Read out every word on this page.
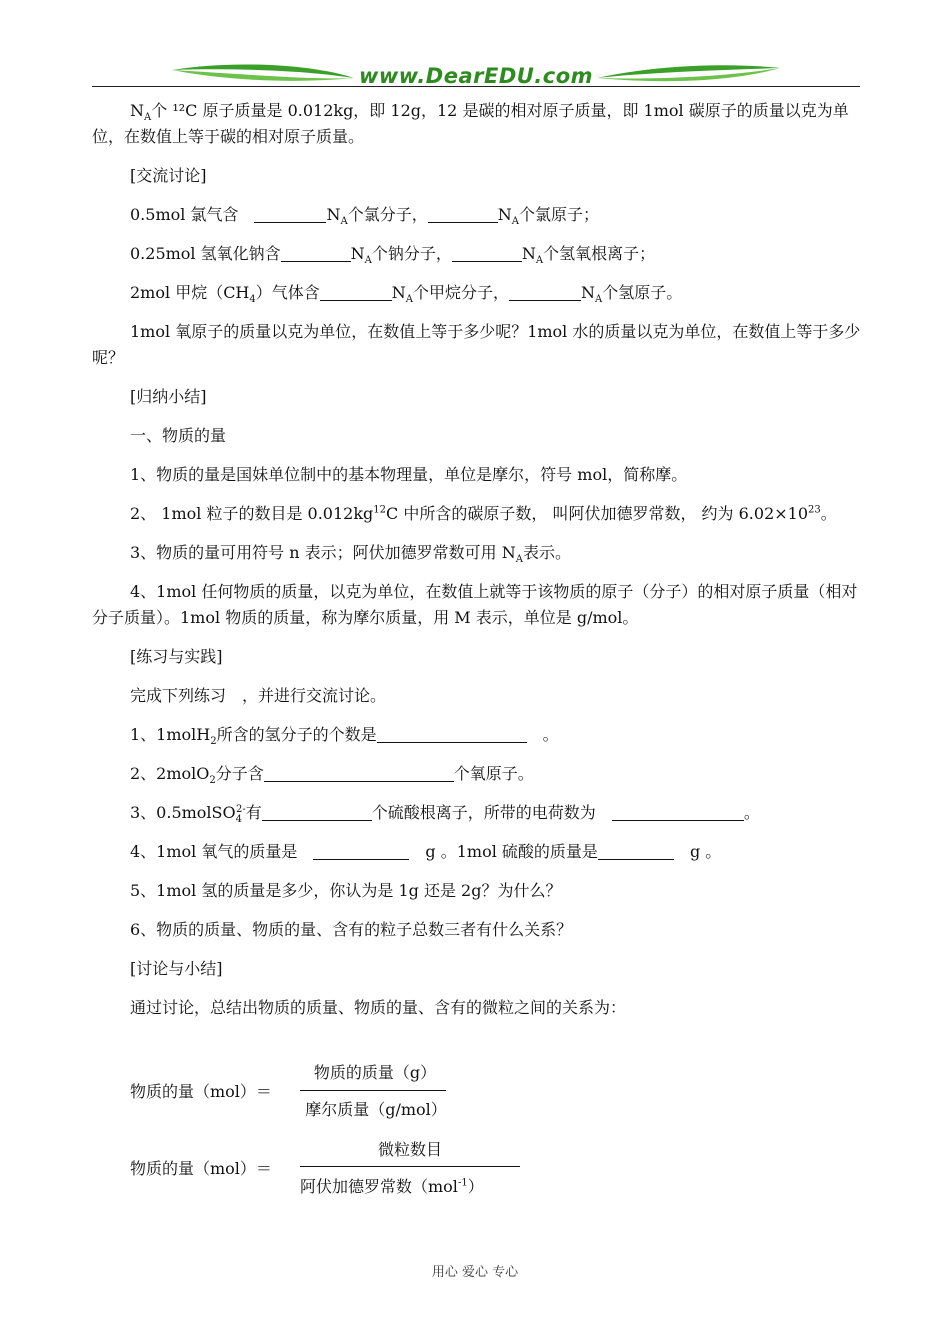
www.DearEDU.com

$N_A$个 ¹²C 原子质量是 0.012kg，即 12g，12 是碳的相对原子质量，即 1mol 碳原子的质量以克为单位，在数值上等于碳的相对原子质量。

[交流讨论]

0.5mol 氯气含　	$N_A$个氯分子，	$N_A$个氯原子；

0.25mol 氢氧化钠含	$N_A$个钠分子，	$N_A$个氢氧根离子；

2mol 甲烷$(CH_4)$气体含	$N_A$个甲烷分子，	$N_A$个氢原子。

1mol 氧原子的质量以克为单位，在数值上等于多少呢？1mol 水的质量以克为单位，在数值上等于多少呢？

[归纳小结]

一、物质的量

1、物质的量是国妹单位制中的基本物理量，单位是摩尔，符号 mol，简称摩。

2、 1mol 粒子的数目是 $0.012kg^{12}C$ 中所含的碳原子数， 叫阿伏加德罗常数， 约为 $6.02\times 10^{23}$。

3、物质的量可用符号 n 表示；阿伏加德罗常数可用 $N_A$表示。

4、1mol 任何物质的质量，以克为单位，在数值上就等于该物质的原子（分子）的相对原子质量（相对分子质量）。1mol 物质的质量，称为摩尔质量，用 M 表示，单位是 g/mol。

[练习与实践]

完成下列练习　，并进行交流讨论。

1、1molH$_2$所含的氢分子的个数是	　。

2、2molO$_2$分子含	个氧原子。

3、0.5molSO$_4^{2-}$有	个硫酸根离子，所带的电荷数为　	。

4、1mol 氧气的质量是　　	g 。1mol 硫酸的质量是　	g 。

5、1mol 氢的质量是多少，你认为是 1g 还是 2g？为什么？

6、物质的质量、物质的量、含有的粒子总数三者有什么关系？

[讨论与小结]

通过讨论，总结出物质的质量、物质的量、含有的微粒之间的关系为：

物质的量（mol）＝
物质的质量（g）
摩尔质量（g/mol）
物质的量（mol）＝
微粒数目
阿伏加德罗常数（mol$^{-1}$）
用心 爱心 专心
